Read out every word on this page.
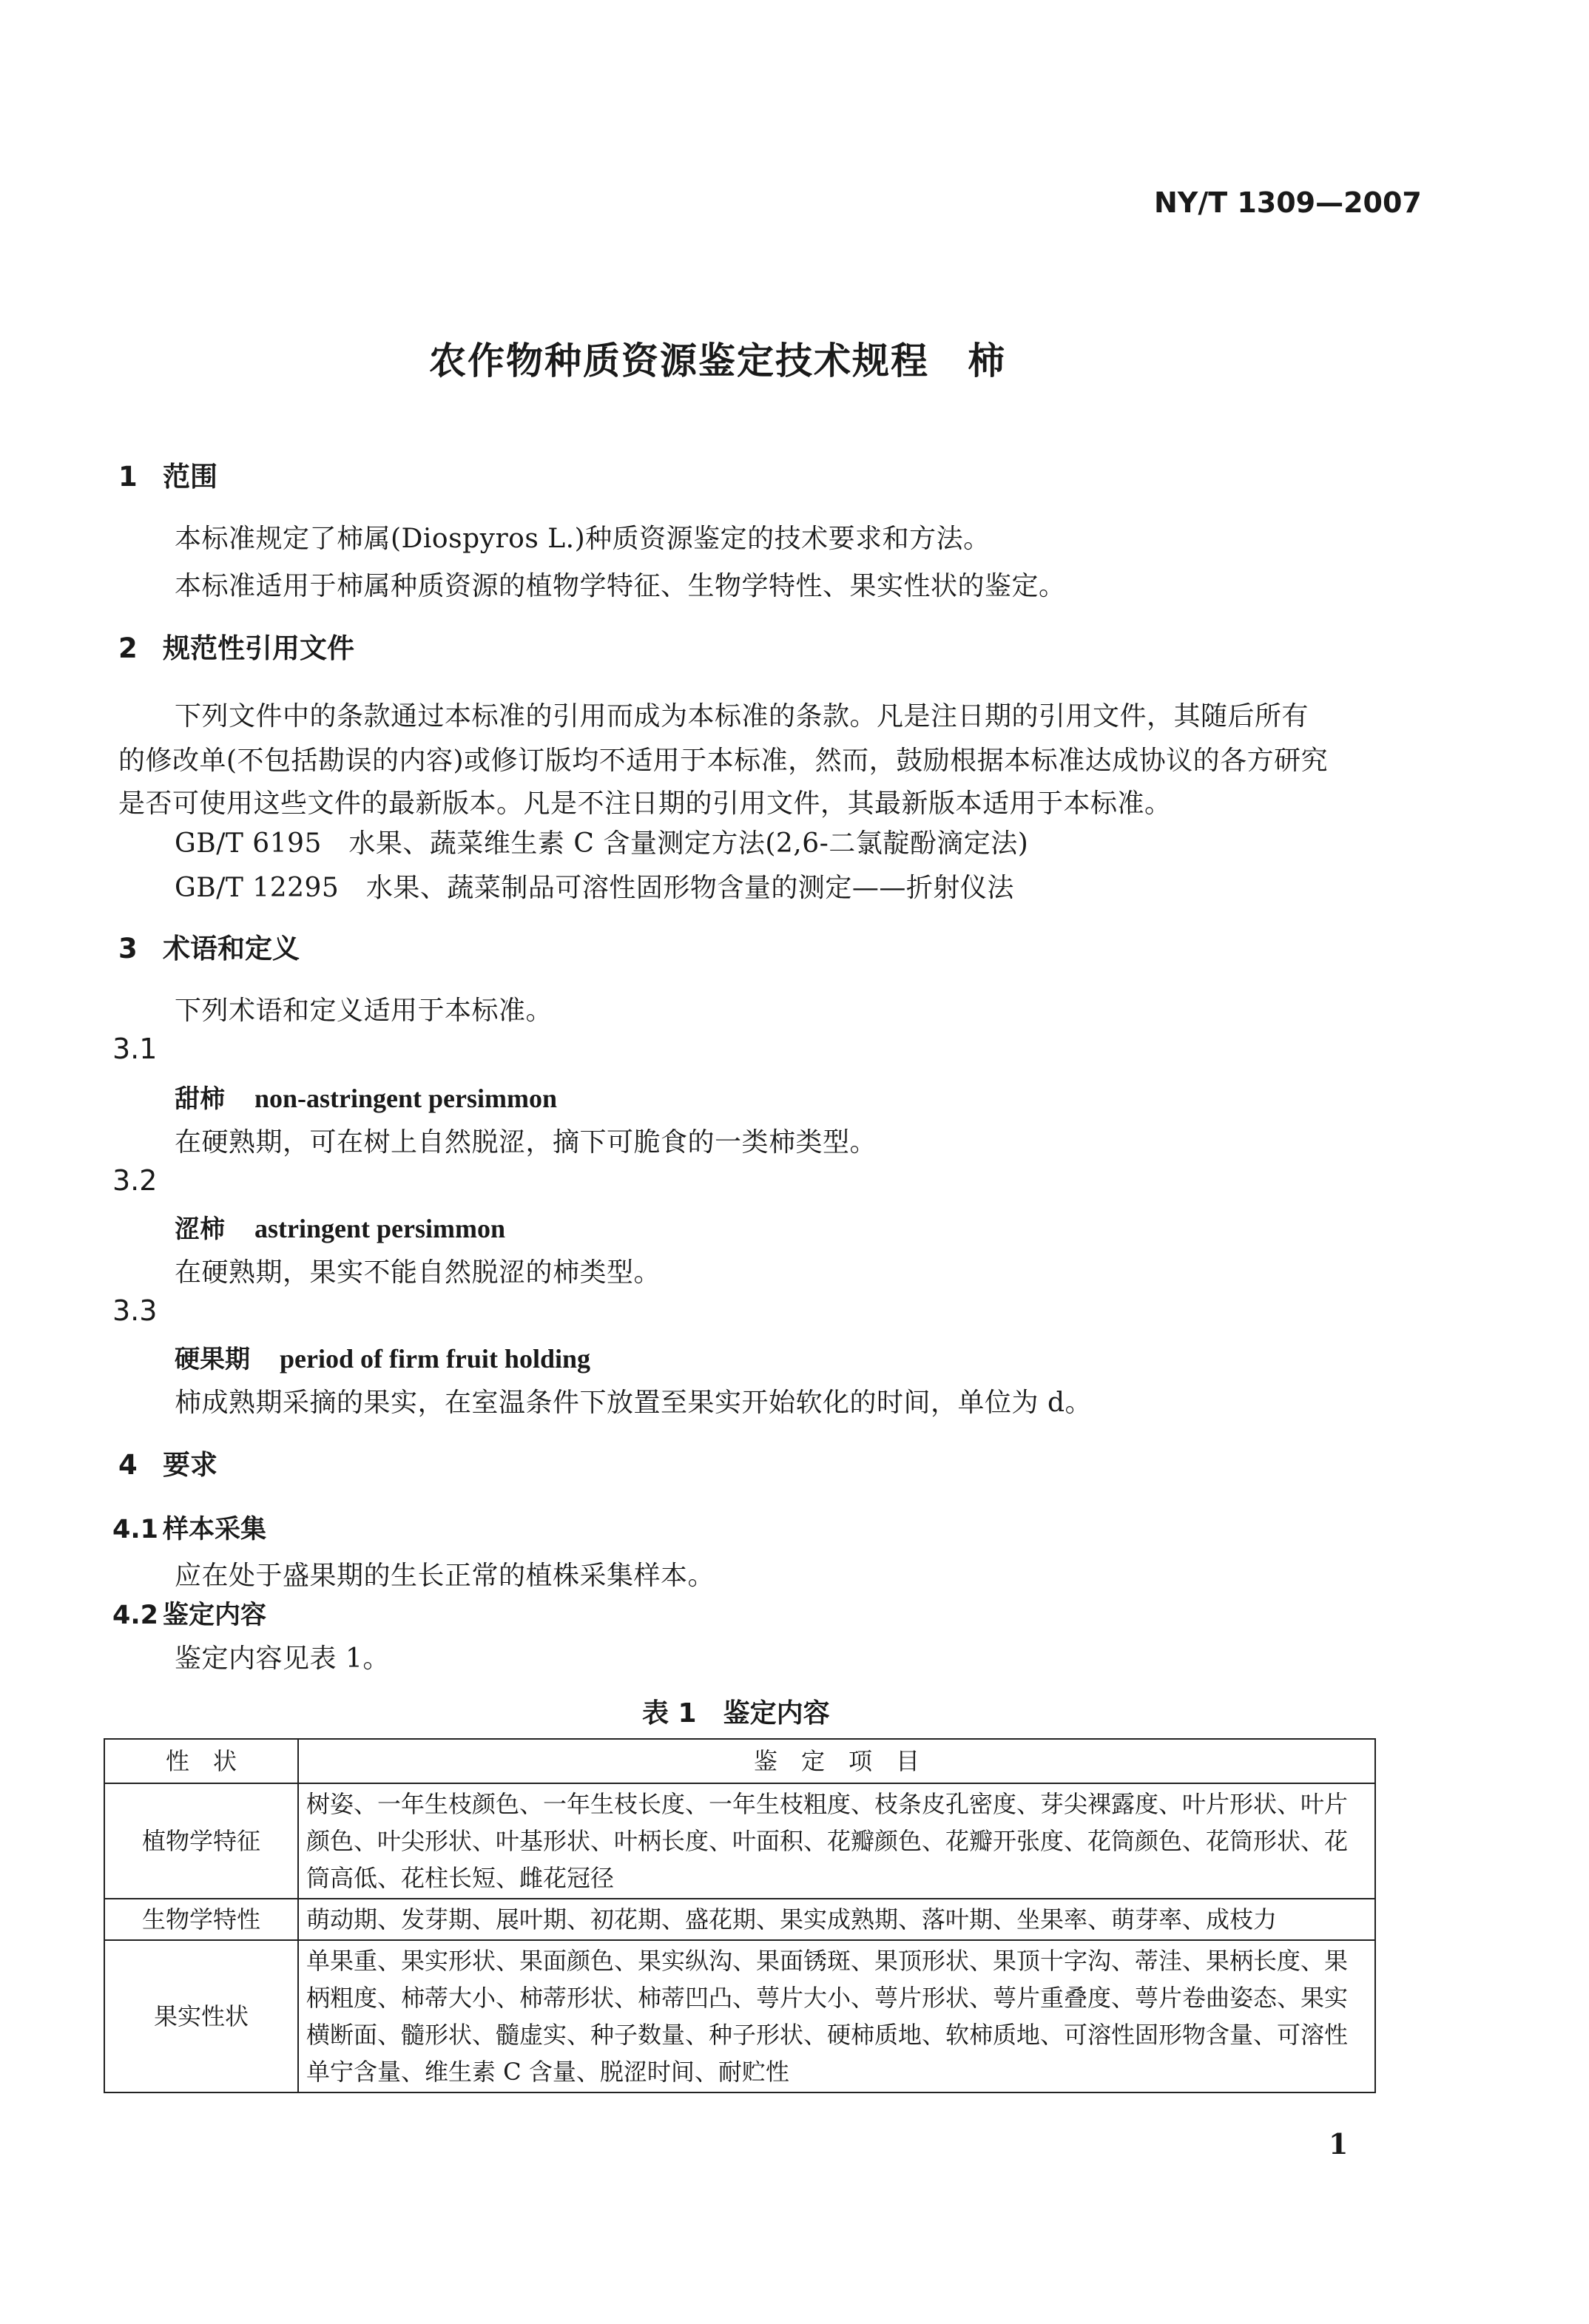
NY/T 1309—2007
农作物种质资源鉴定技术规程　柿
1 范围
本标准规定了柿属(Diospyros L.)种质资源鉴定的技术要求和方法。
本标准适用于柿属种质资源的植物学特征、生物学特性、果实性状的鉴定。
2 规范性引用文件
下列文件中的条款通过本标准的引用而成为本标准的条款。凡是注日期的引用文件，其随后所有
的修改单(不包括勘误的内容)或修订版均不适用于本标准，然而，鼓励根据本标准达成协议的各方研究
是否可使用这些文件的最新版本。凡是不注日期的引用文件，其最新版本适用于本标准。
GB/T 6195　水果、蔬菜维生素 C 含量测定方法(2,6-二氯靛酚滴定法)
GB/T 12295　水果、蔬菜制品可溶性固形物含量的测定——折射仪法
3 术语和定义
下列术语和定义适用于本标准。
3.1
甜柿 non-astringent persimmon
在硬熟期，可在树上自然脱涩，摘下可脆食的一类柿类型。
3.2
涩柿 astringent persimmon
在硬熟期，果实不能自然脱涩的柿类型。
3.3
硬果期 period of firm fruit holding
柿成熟期采摘的果实，在室温条件下放置至果实开始软化的时间，单位为 d。
4 要求
4.1 样本采集
应在处于盛果期的生长正常的植株采集样本。
4.2 鉴定内容
鉴定内容见表 1。
表 1　鉴定内容
性　状	鉴　定　项　目
植物学特征	树姿、一年生枝颜色、一年生枝长度、一年生枝粗度、枝条皮孔密度、芽尖裸露度、叶片形状、叶片颜色、叶尖形状、叶基形状、叶柄长度、叶面积、花瓣颜色、花瓣开张度、花筒颜色、花筒形状、花筒高低、花柱长短、雌花冠径
生物学特性	萌动期、发芽期、展叶期、初花期、盛花期、果实成熟期、落叶期、坐果率、萌芽率、成枝力
果实性状	单果重、果实形状、果面颜色、果实纵沟、果面锈斑、果顶形状、果顶十字沟、蒂洼、果柄长度、果柄粗度、柿蒂大小、柿蒂形状、柿蒂凹凸、萼片大小、萼片形状、萼片重叠度、萼片卷曲姿态、果实横断面、髓形状、髓虚实、种子数量、种子形状、硬柿质地、软柿质地、可溶性固形物含量、可溶性单宁含量、维生素 C 含量、脱涩时间、耐贮性
1
